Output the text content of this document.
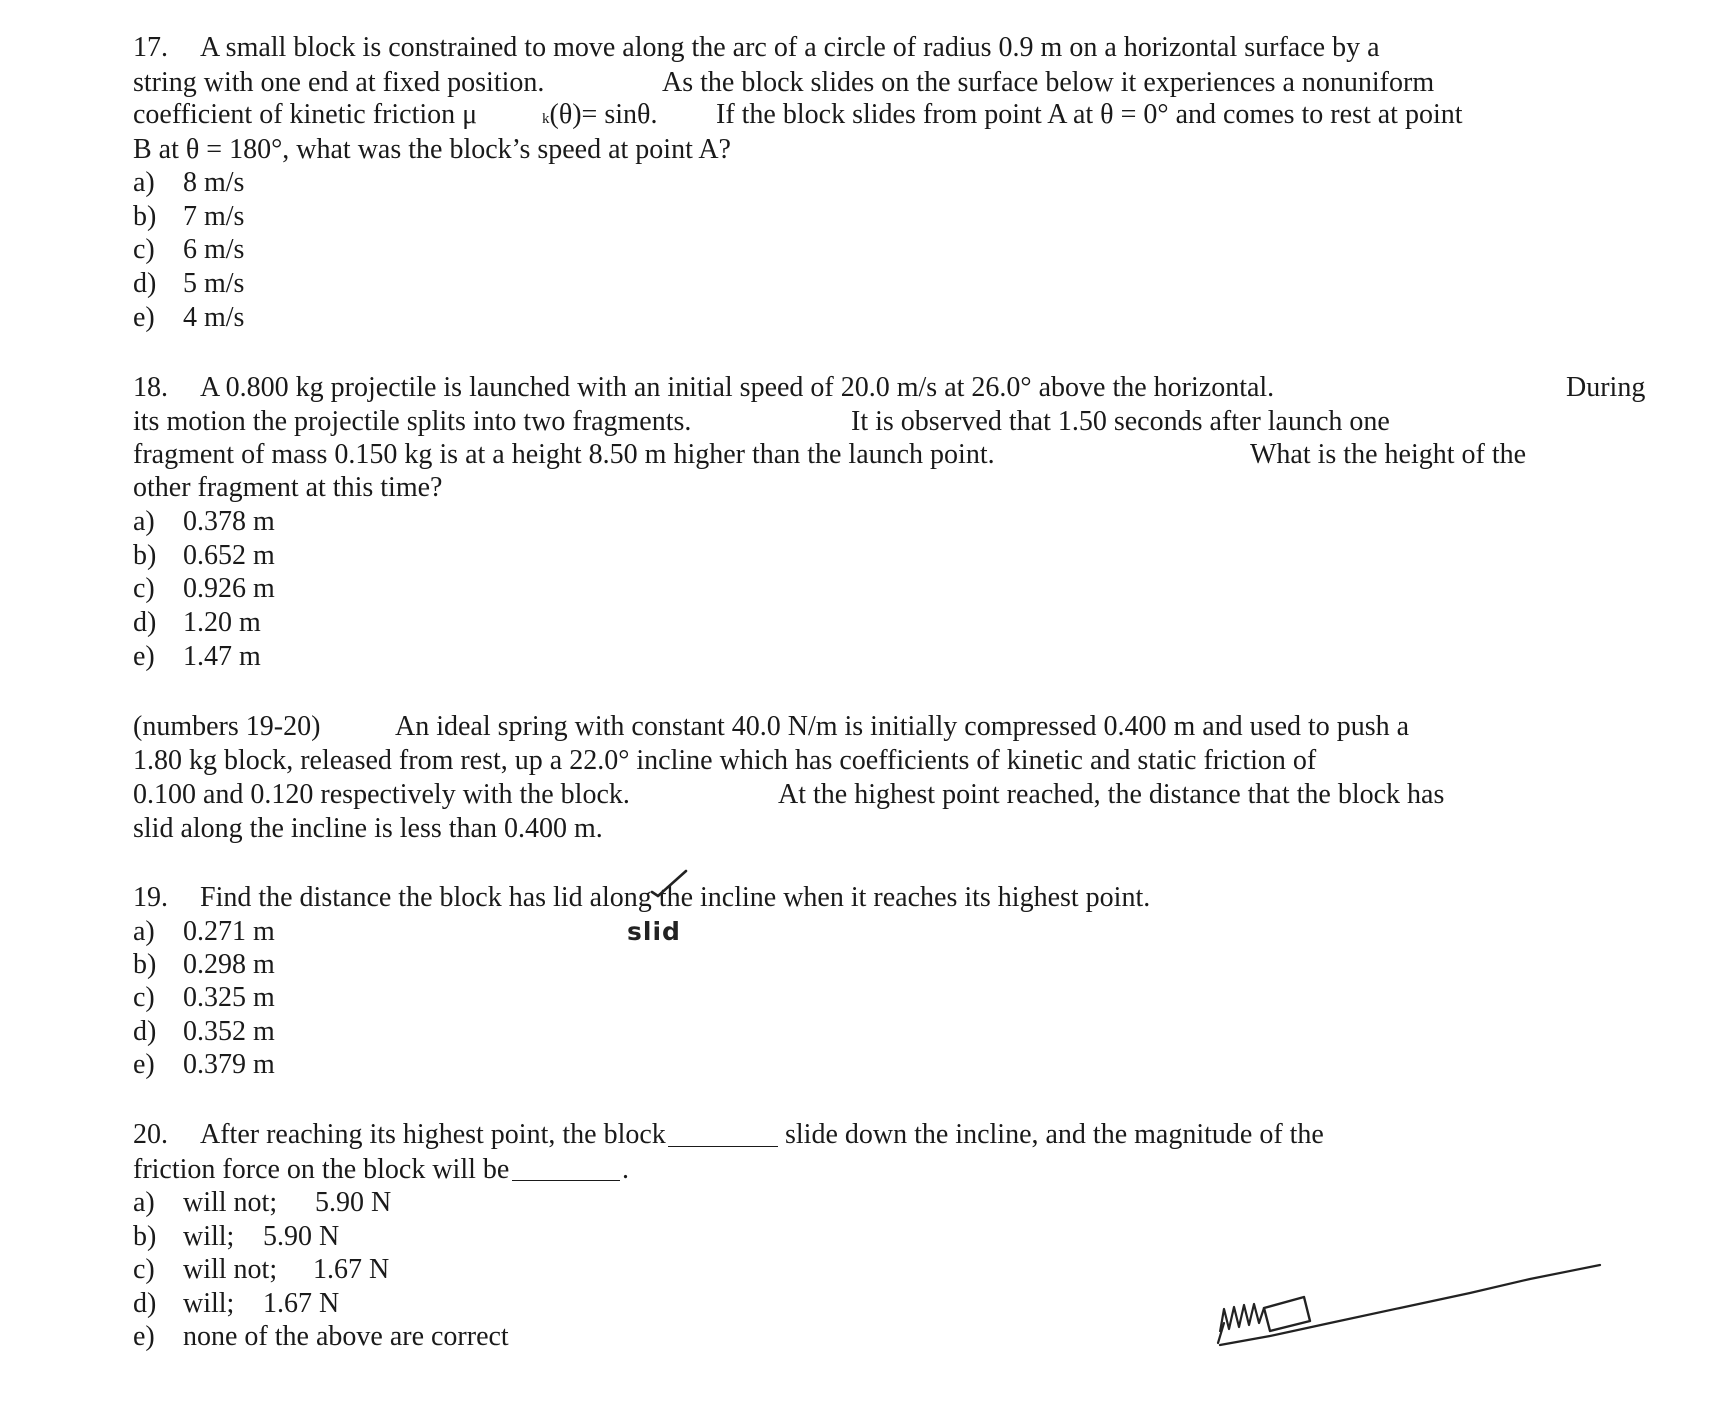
17. A small block is constrained to move along the arc of a circle of radius 0.9 m on a horizontal surface by a
string with one end at fixed position.	As the block slides on the surface below it experiences a nonuniform
coefficient of kinetic friction μ	k(θ)= sinθ. If the block slides from point A at θ = 0° and comes to rest at point
B at θ = 180°, what was the block’s speed at point A?
a) 8 m/s
b) 7 m/s
c) 6 m/s
d) 5 m/s
e) 4 m/s
18. A 0.800 kg projectile is launched with an initial speed of 20.0 m/s at 26.0° above the horizontal.	During
its motion the projectile splits into two fragments.	It is observed that 1.50 seconds after launch one
fragment of mass 0.150 kg is at a height 8.50 m higher than the launch point.	What is the height of the
other fragment at this time?
a) 0.378 m
b) 0.652 m
c) 0.926 m
d) 1.20 m
e) 1.47 m
(numbers 19-20)	An ideal spring with constant 40.0 N/m is initially compressed 0.400 m and used to push a
1.80 kg block, released from rest, up a 22.0° incline which has coefficients of kinetic and static friction of
0.100 and 0.120 respectively with the block.	At the highest point reached, the distance that the block has
slid along the incline is less than 0.400 m.
19. Find the distance the block has lid along the incline when it reaches its highest point.
slid
a) 0.271 m
b) 0.298 m
c) 0.325 m
d) 0.352 m
e) 0.379 m
20. After reaching its highest point, the block	slide down the incline, and the magnitude of the
friction force on the block will be	.
a) will not; 5.90 N
b) will; 5.90 N
c) will not; 1.67 N
d) will; 1.67 N
e) none of the above are correct
